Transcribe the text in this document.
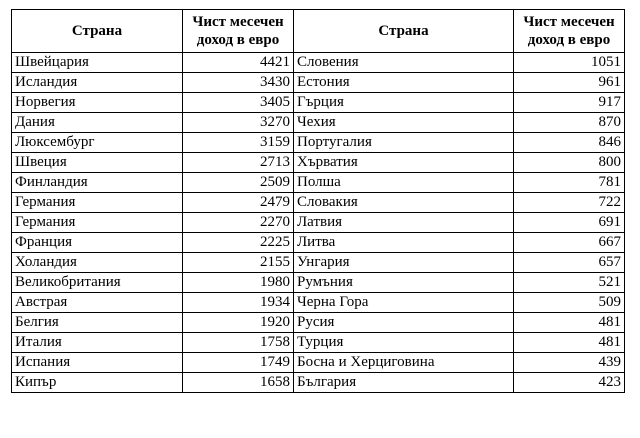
Страна	Чист месечен доход в евро	Страна	Чист месечен доход в евро
Швейцария	4421	Словения	1051
Исландия	3430	Естония	961
Норвегия	3405	Гърция	917
Дания	3270	Чехия	870
Люксембург	3159	Португалия	846
Швеция	2713	Хърватия	800
Финландия	2509	Полша	781
Германия	2479	Словакия	722
Германия	2270	Латвия	691
Франция	2225	Литва	667
Холандия	2155	Унгария	657
Великобритания	1980	Румъния	521
Австрая	1934	Черна Гора	509
Белгия	1920	Русия	481
Италия	1758	Турция	481
Испания	1749	Босна и Херциговина	439
Кипър	1658	България	423
